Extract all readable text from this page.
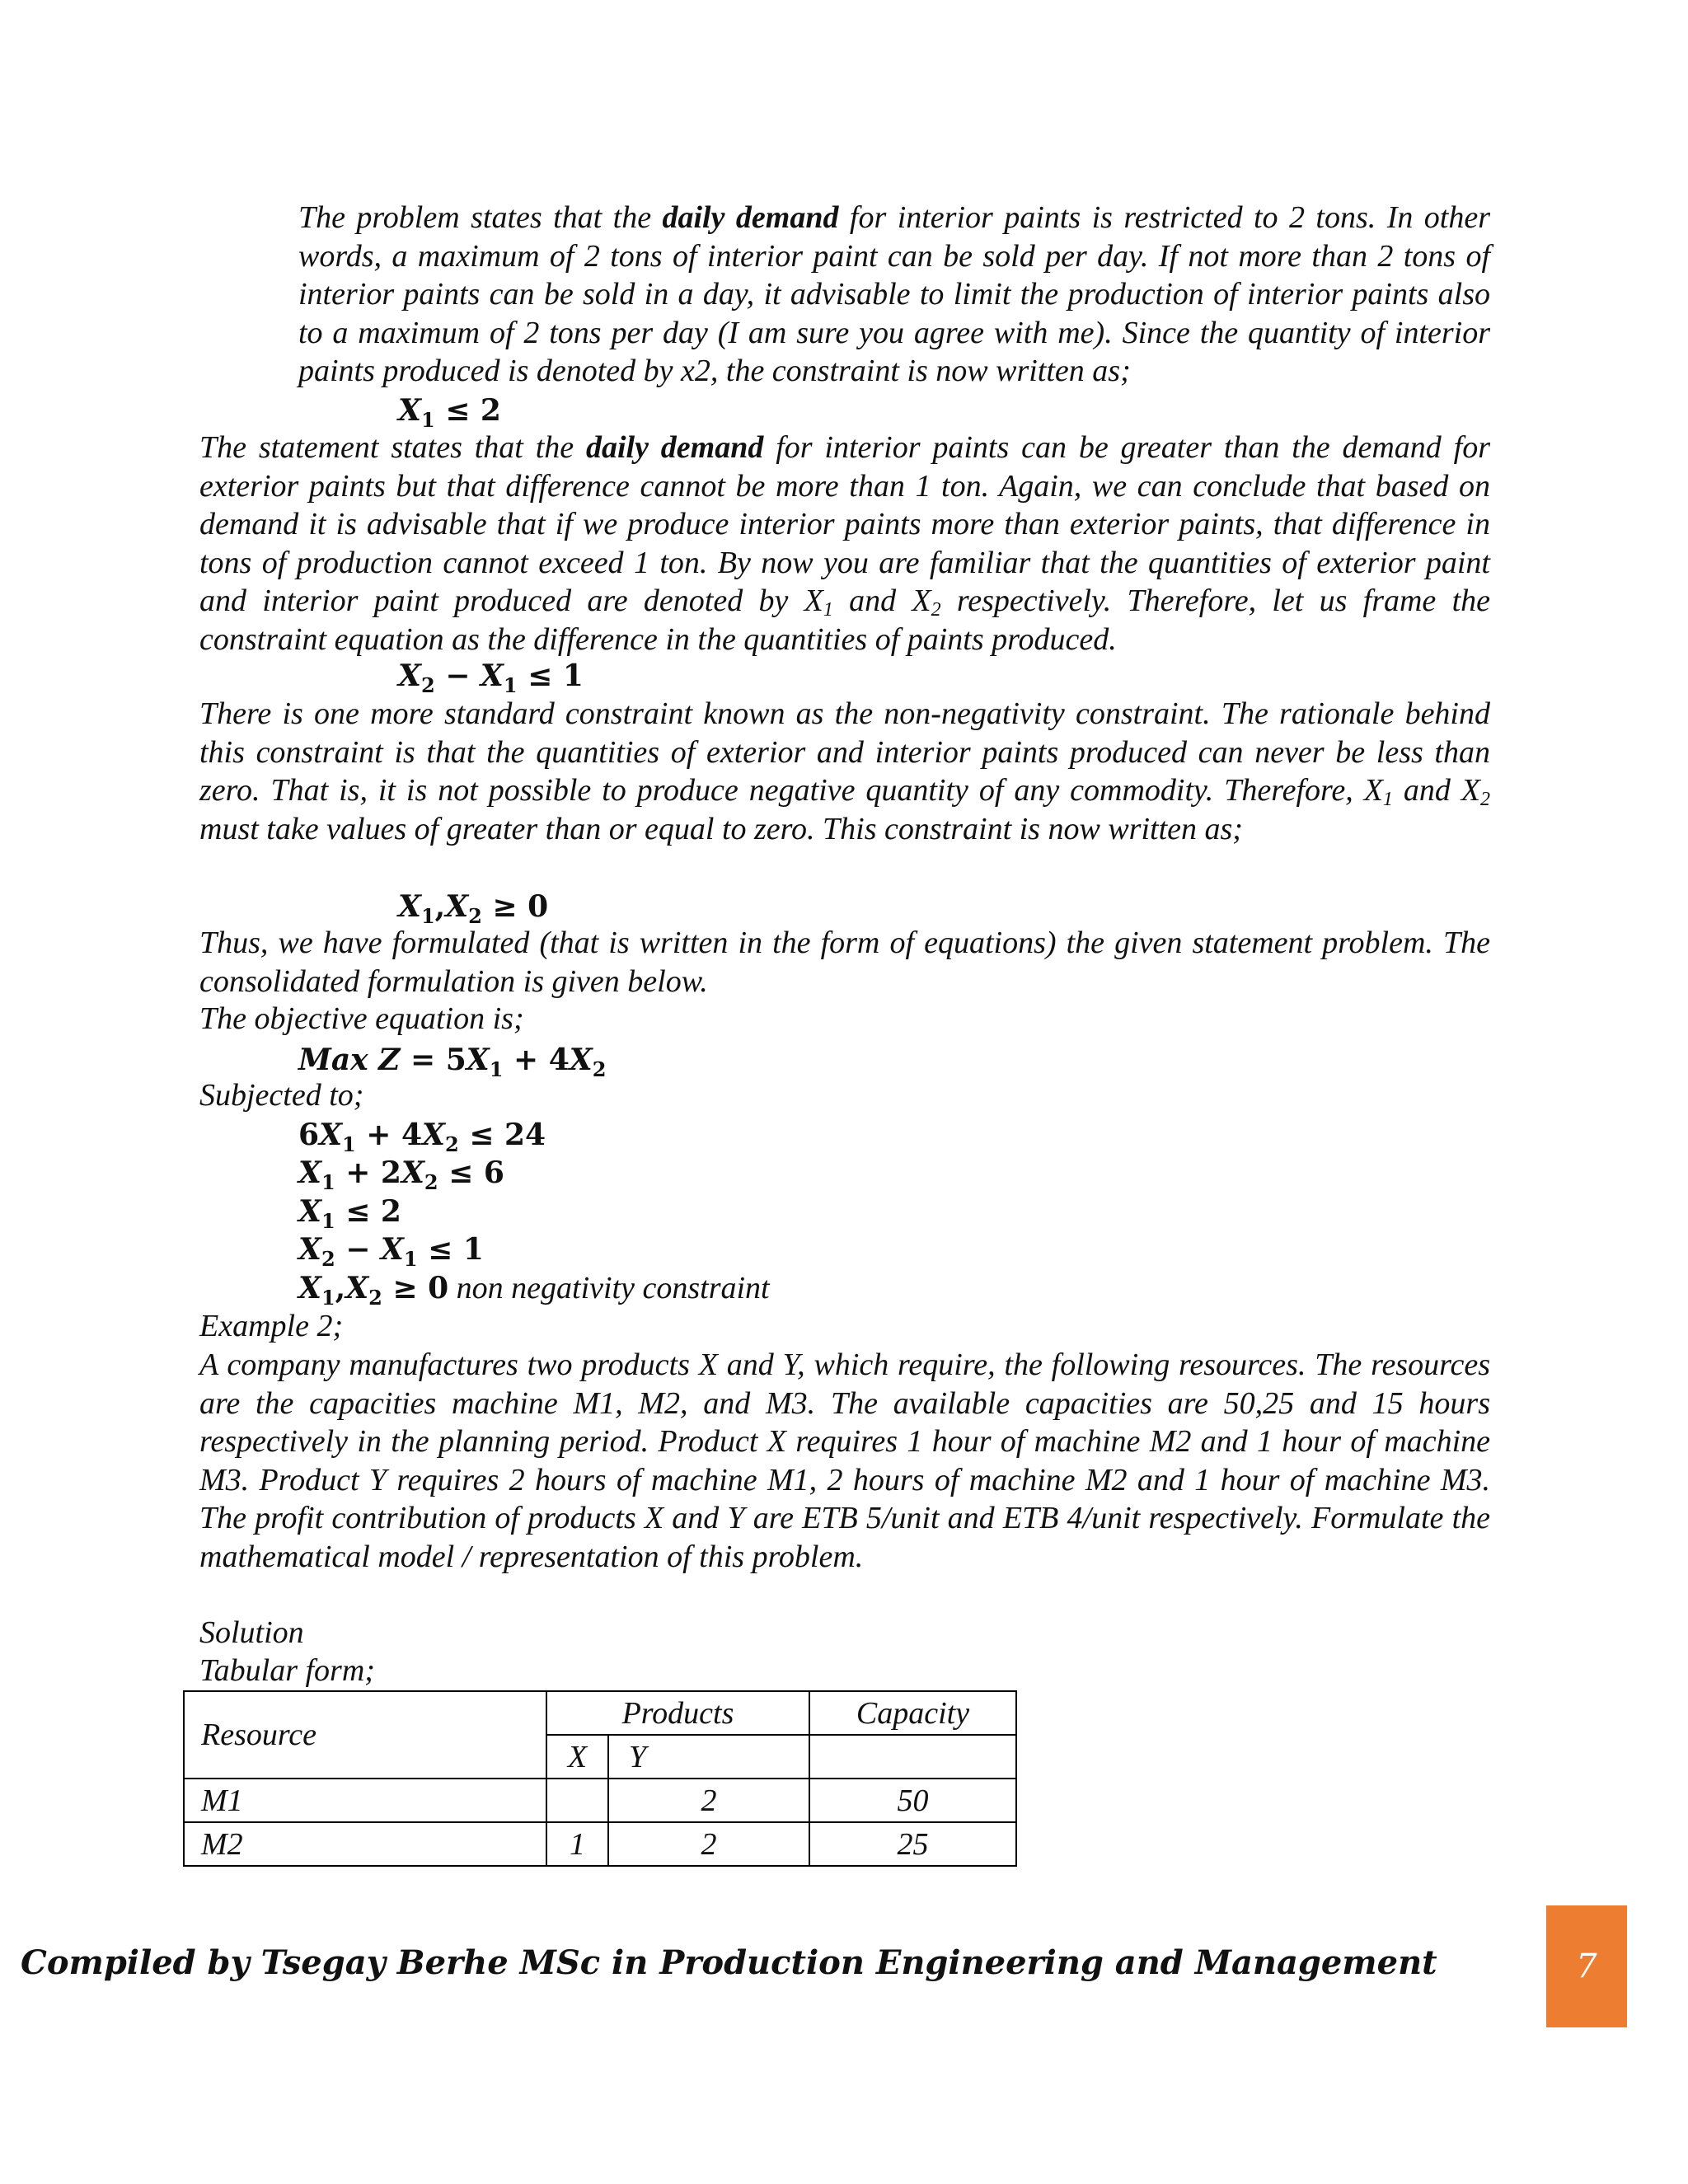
The problem states that the daily demand for interior paints is restricted to 2 tons. In other words, a maximum of 2 tons of interior paint can be sold per day. If not more than 2 tons of interior paints can be sold in a day, it advisable to limit the production of interior paints also to a maximum of 2 tons per day (I am sure you agree with me). Since the quantity of interior paints produced is denoted by x2, the constraint is now written as;

$X_1 \le 2$

The statement states that the daily demand for interior paints can be greater than the demand for exterior paints but that difference cannot be more than 1 ton. Again, we can conclude that based on demand it is advisable that if we produce interior paints more than exterior paints, that difference in tons of production cannot exceed 1 ton. By now you are familiar that the quantities of exterior paint and interior paint produced are denoted by $X_1$ and $X_2$ respectively. Therefore, let us frame the constraint equation as the difference in the quantities of paints produced.

$X_2 - X_1 \le 1$

There is one more standard constraint known as the non-negativity constraint. The rationale behind this constraint is that the quantities of exterior and interior paints produced can never be less than zero. That is, it is not possible to produce negative quantity of any commodity. Therefore, $X_1$ and $X_2$ must take values of greater than or equal to zero. This constraint is now written as;

$X_1,X_2 \ge 0$

Thus, we have formulated (that is written in the form of equations) the given statement problem. The consolidated formulation is given below.

The objective equation is;
Max $Z = 5X_1 + 4X_2$
Subjected to;
$6X_1 + 4X_2 \le 24$
$X_1 + 2X_2 \le 6$
$X_1 \le 2$
$X_2 - X_1 \le 1$
$X_1,X_2 \ge 0$ non negativity constraint
Example 2;

A company manufactures two products X and Y, which require, the following resources. The resources are the capacities machine M1, M2, and M3. The available capacities are 50,25 and 15 hours respectively in the planning period. Product X requires 1 hour of machine M2 and 1 hour of machine M3. Product Y requires 2 hours of machine M1, 2 hours of machine M2 and 1 hour of machine M3. The profit contribution of products X and Y are ETB 5/unit and ETB 4/unit respectively. Formulate the mathematical model / representation of this problem.

Solution
Tabular form;
Resource	Products		Capacity
	X	Y	
M1		2	50
M2	1	2	25
Compiled by Tsegay Berhe MSc in Production Engineering and Management	7
